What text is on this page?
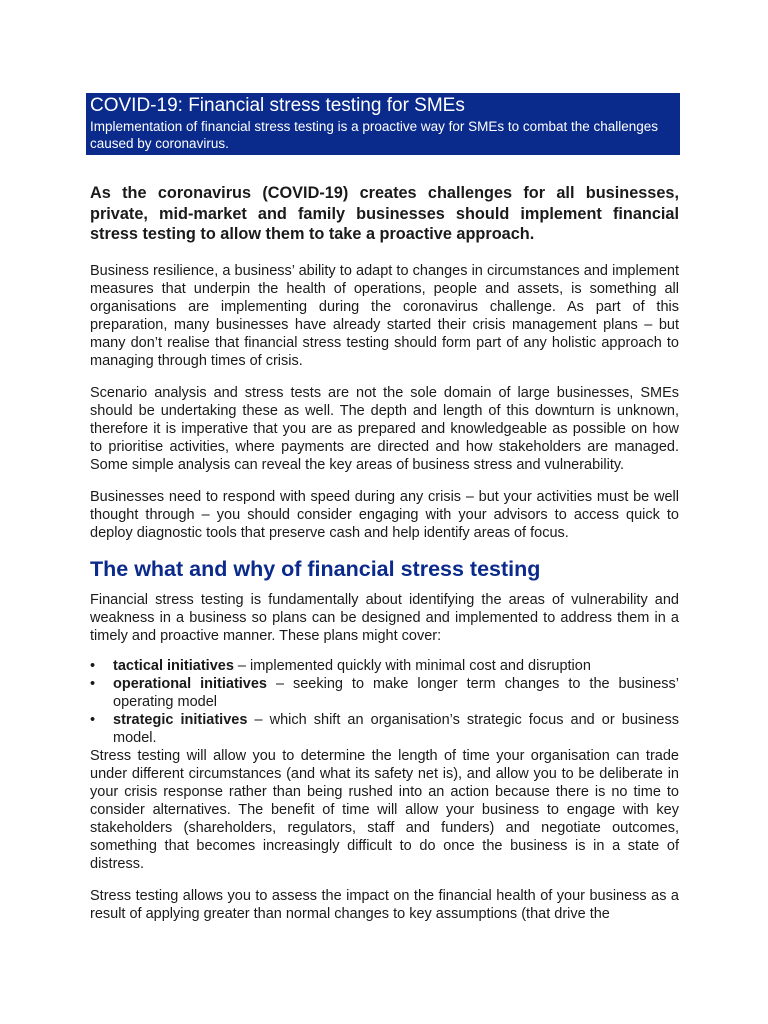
COVID-19: Financial stress testing for SMEs

Implementation of financial stress testing is a proactive way for SMEs to combat the challenges caused by coronavirus.

As the coronavirus (COVID-19) creates challenges for all businesses, private, mid-market and family businesses should implement financial stress testing to allow them to take a proactive approach.

Business resilience, a business’ ability to adapt to changes in circumstances and implement measures that underpin the health of operations, people and assets, is something all organisations are implementing during the coronavirus challenge. As part of this preparation, many businesses have already started their crisis management plans – but many don’t realise that financial stress testing should form part of any holistic approach to managing through times of crisis.

Scenario analysis and stress tests are not the sole domain of large businesses, SMEs should be undertaking these as well. The depth and length of this downturn is unknown, therefore it is imperative that you are as prepared and knowledgeable as possible on how to prioritise activities, where payments are directed and how stakeholders are managed. Some simple analysis can reveal the key areas of business stress and vulnerability.

Businesses need to respond with speed during any crisis – but your activities must be well thought through – you should consider engaging with your advisors to access quick to deploy diagnostic tools that preserve cash and help identify areas of focus.

The what and why of financial stress testing

Financial stress testing is fundamentally about identifying the areas of vulnerability and weakness in a business so plans can be designed and implemented to address them in a timely and proactive manner. These plans might cover:

• tactical initiatives – implemented quickly with minimal cost and disruption
• operational initiatives – seeking to make longer term changes to the business’ operating model
• strategic initiatives – which shift an organisation’s strategic focus and or business model.

Stress testing will allow you to determine the length of time your organisation can trade under different circumstances (and what its safety net is), and allow you to be deliberate in your crisis response rather than being rushed into an action because there is no time to consider alternatives. The benefit of time will allow your business to engage with key stakeholders (shareholders, regulators, staff and funders) and negotiate outcomes, something that becomes increasingly difficult to do once the business is in a state of distress.

Stress testing allows you to assess the impact on the financial health of your business as a result of applying greater than normal changes to key assumptions (that drive the
